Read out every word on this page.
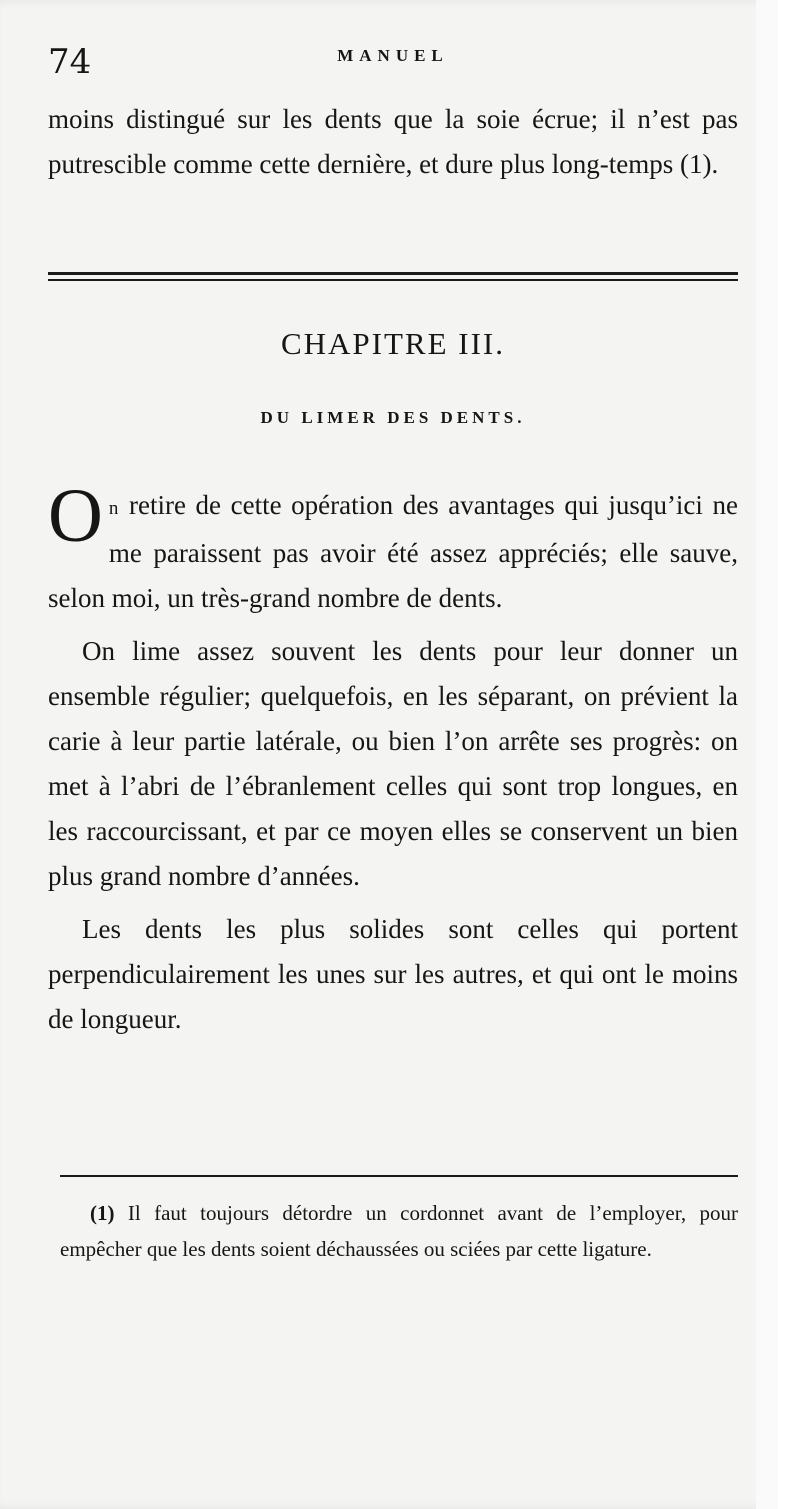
74	MANUEL

moins distingué sur les dents que la soie écrue; il n’est pas putrescible comme cette dernière, et dure plus long-temps (1).

CHAPITRE III.
DU LIMER DES DENTS.

On retire de cette opération des avantages qui jusqu’ici ne me paraissent pas avoir été assez appréciés; elle sauve, selon moi, un très-grand nombre de dents.

On lime assez souvent les dents pour leur donner un ensemble régulier; quelquefois, en les séparant, on prévient la carie à leur partie latérale, ou bien l’on arrête ses progrès: on met à l’abri de l’ébranlement celles qui sont trop longues, en les raccourcissant, et par ce moyen elles se conservent un bien plus grand nombre d’années.

Les dents les plus solides sont celles qui portent perpendiculairement les unes sur les autres, et qui ont le moins de longueur.

(1) Il faut toujours détordre un cordonnet avant de l’employer, pour empêcher que les dents soient déchaussées ou sciées par cette ligature.
